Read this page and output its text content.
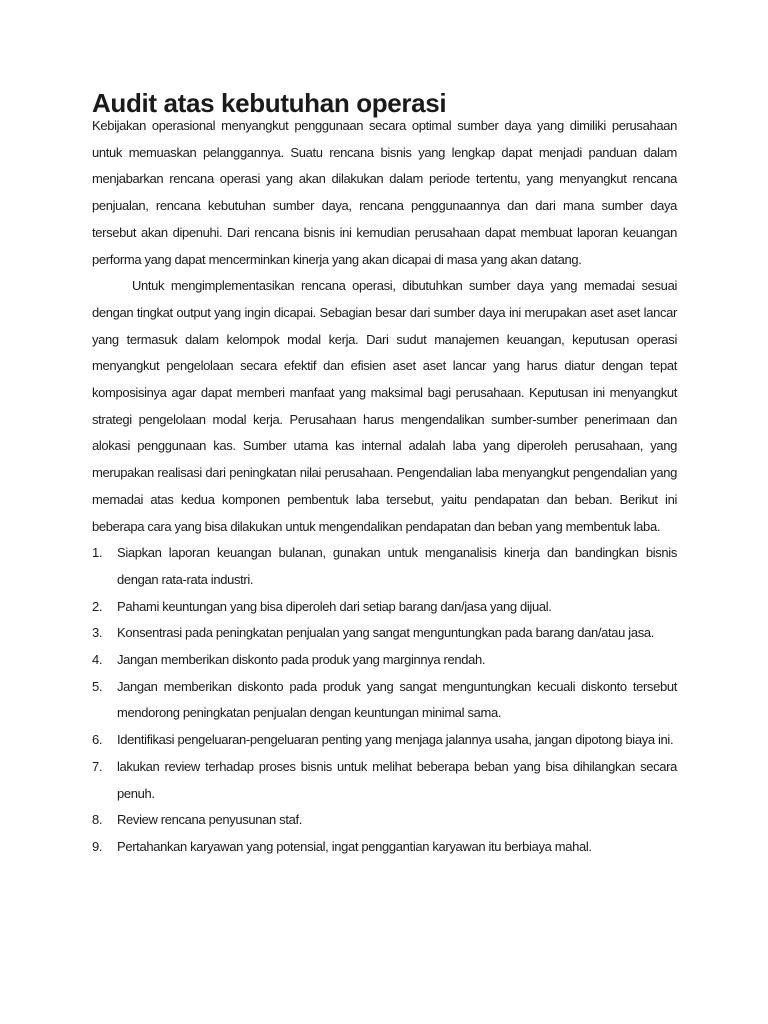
Audit atas kebutuhan operasi

Kebijakan operasional menyangkut penggunaan secara optimal sumber daya yang dimiliki perusahaan untuk memuaskan pelanggannya. Suatu rencana bisnis yang lengkap dapat menjadi panduan dalam menjabarkan rencana operasi yang akan dilakukan dalam periode tertentu, yang menyangkut rencana penjualan, rencana kebutuhan sumber daya, rencana penggunaannya dan dari mana sumber daya tersebut akan dipenuhi. Dari rencana bisnis ini kemudian perusahaan dapat membuat laporan keuangan performa yang dapat mencerminkan kinerja yang akan dicapai di masa yang akan datang.

Untuk mengimplementasikan rencana operasi, dibutuhkan sumber daya yang memadai sesuai dengan tingkat output yang ingin dicapai. Sebagian besar dari sumber daya ini merupakan aset aset lancar yang termasuk dalam kelompok modal kerja. Dari sudut manajemen keuangan, keputusan operasi menyangkut pengelolaan secara efektif dan efisien aset aset lancar yang harus diatur dengan tepat komposisinya agar dapat memberi manfaat yang maksimal bagi perusahaan. Keputusan ini menyangkut strategi pengelolaan modal kerja. Perusahaan harus mengendalikan sumber-sumber penerimaan dan alokasi penggunaan kas. Sumber utama kas internal adalah laba yang diperoleh perusahaan, yang merupakan realisasi dari peningkatan nilai perusahaan. Pengendalian laba menyangkut pengendalian yang memadai atas kedua komponen pembentuk laba tersebut, yaitu pendapatan dan beban. Berikut ini beberapa cara yang bisa dilakukan untuk mengendalikan pendapatan dan beban yang membentuk laba.

1. Siapkan laporan keuangan bulanan, gunakan untuk menganalisis kinerja dan bandingkan bisnis dengan rata-rata industri.
2. Pahami keuntungan yang bisa diperoleh dari setiap barang dan/jasa yang dijual.
3. Konsentrasi pada peningkatan penjualan yang sangat menguntungkan pada barang dan/atau jasa.
4. Jangan memberikan diskonto pada produk yang marginnya rendah.
5. Jangan memberikan diskonto pada produk yang sangat menguntungkan kecuali diskonto tersebut mendorong peningkatan penjualan dengan keuntungan minimal sama.
6. Identifikasi pengeluaran-pengeluaran penting yang menjaga jalannya usaha, jangan dipotong biaya ini.
7. lakukan review terhadap proses bisnis untuk melihat beberapa beban yang bisa dihilangkan secara penuh.
8. Review rencana penyusunan staf.
9. Pertahankan karyawan yang potensial, ingat penggantian karyawan itu berbiaya mahal.
